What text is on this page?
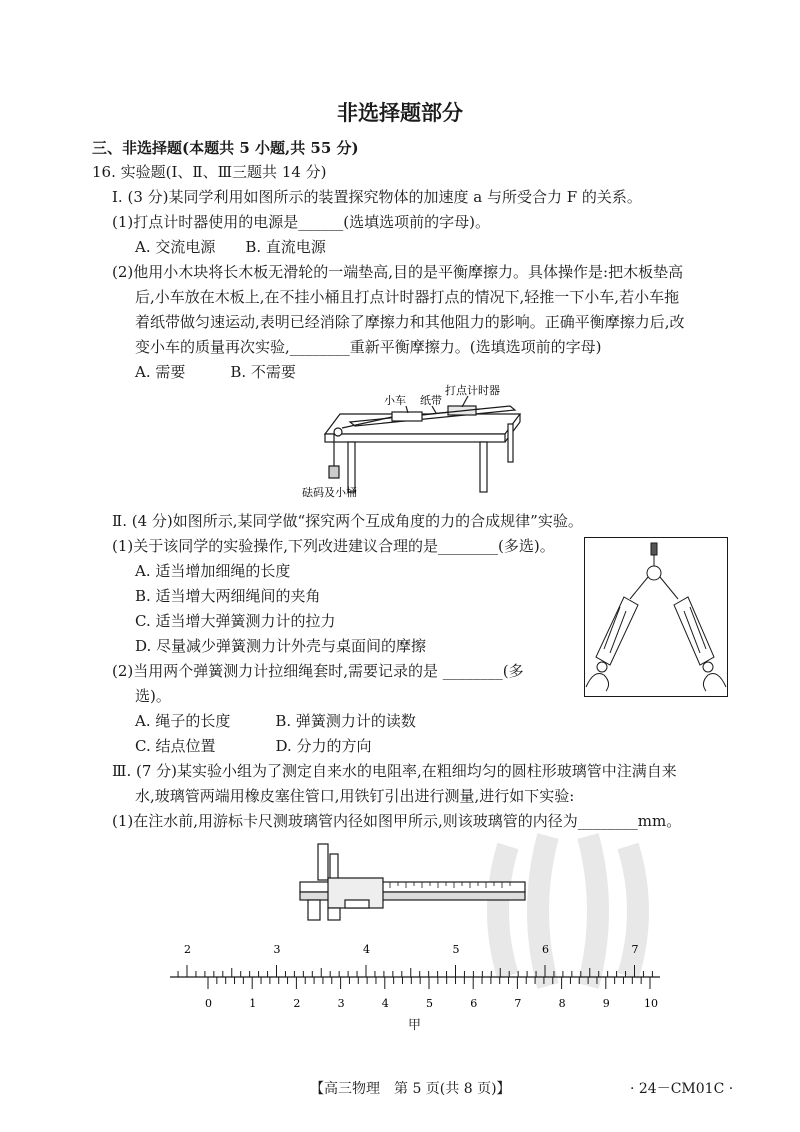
非选择题部分
三、非选择题(本题共 5 小题,共 55 分)
16. 实验题(Ⅰ、Ⅱ、Ⅲ三题共 14 分)
Ⅰ. (3 分)某同学利用如图所示的装置探究物体的加速度 a 与所受合力 F 的关系。
(1)打点计时器使用的电源是______(选填选项前的字母)。
A. 交流电源　　B. 直流电源
(2)他用小木块将长木板无滑轮的一端垫高,目的是平衡摩擦力。具体操作是:把木板垫高
后,小车放在木板上,在不挂小桶且打点计时器打点的情况下,轻推一下小车,若小车拖
着纸带做匀速运动,表明已经消除了摩擦力和其他阻力的影响。正确平衡摩擦力后,改
变小车的质量再次实验,________重新平衡摩擦力。(选填选项前的字母)
A. 需要　　　B. 不需要
小车 纸带
打点计时器
砝码及小桶
Ⅱ. (4 分)如图所示,某同学做“探究两个互成角度的力的合成规律”实验。
(1)关于该同学的实验操作,下列改进建议合理的是________(多选)。
A. 适当增加细绳的长度
B. 适当增大两细绳间的夹角
C. 适当增大弹簧测力计的拉力
D. 尽量减少弹簧测力计外壳与桌面间的摩擦
(2)当用两个弹簧测力计拉细绳套时,需要记录的是 ________(多
选)。
A. 绳子的长度　　　B. 弹簧测力计的读数
C. 结点位置　　　　D. 分力的方向
Ⅲ. (7 分)某实验小组为了测定自来水的电阻率,在粗细均匀的圆柱形玻璃管中注满自来
水,玻璃管两端用橡皮塞住管口,用铁钉引出进行测量,进行如下实验:
(1)在注水前,用游标卡尺测玻璃管内径如图甲所示,则该玻璃管的内径为________mm。
2	3	4	5	6	7
0	1	2	3	4	5	6	7	8	9	10
甲
【高三物理　第 5 页(共 8 页)】	· 24－CM01C ·
